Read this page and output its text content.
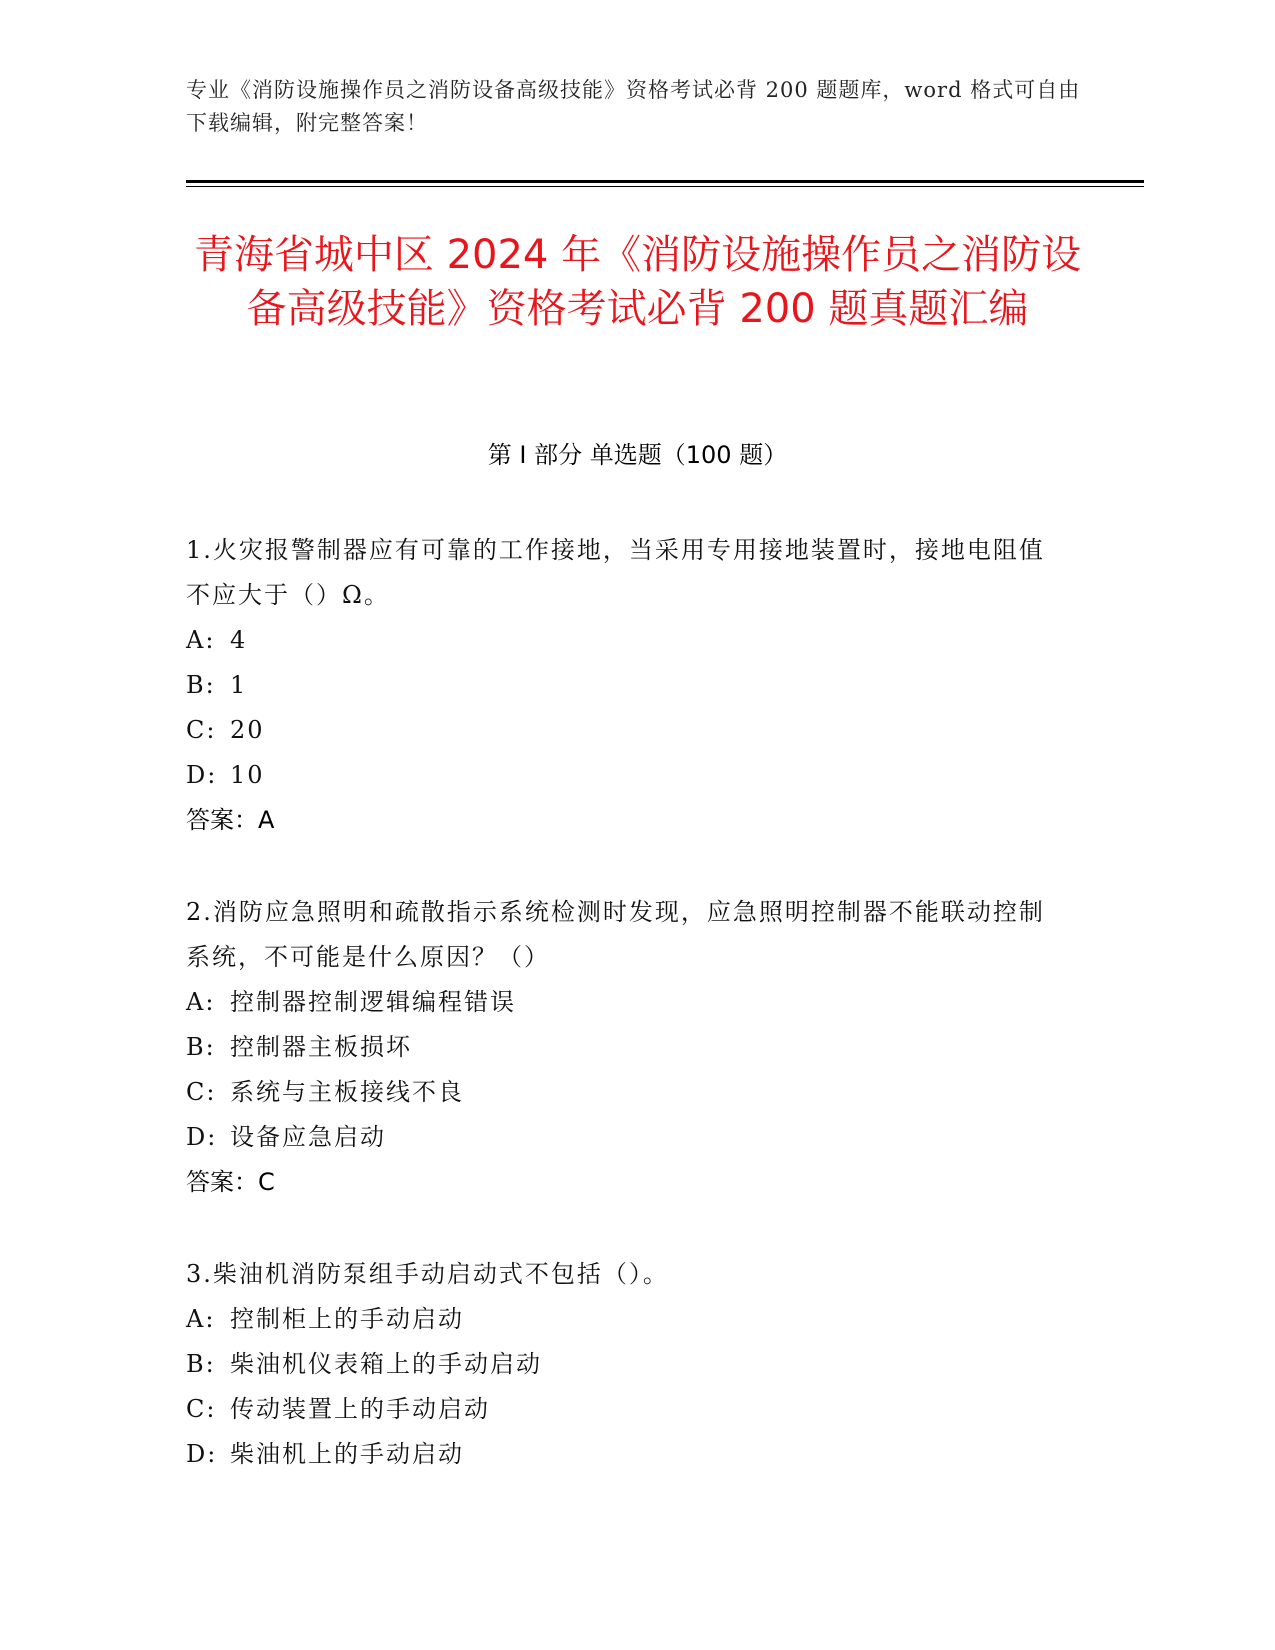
专业《消防设施操作员之消防设备高级技能》资格考试必背 200 题题库，word 格式可自由下载编辑，附完整答案！
青海省城中区 2024 年《消防设施操作员之消防设备高级技能》资格考试必背 200 题真题汇编
第 I 部分 单选题（100 题）

1.火灾报警制器应有可靠的工作接地，当采用专用接地装置时，接地电阻值不应大于（）Ω。

A: 4

B: 1

C: 20

D: 10

答案：A

2.消防应急照明和疏散指示系统检测时发现，应急照明控制器不能联动控制系统，不可能是什么原因？（）

A: 控制器控制逻辑编程错误

B: 控制器主板损坏

C: 系统与主板接线不良

D: 设备应急启动

答案：C

3.柴油机消防泵组手动启动式不包括（）。

A: 控制柜上的手动启动

B: 柴油机仪表箱上的手动启动

C: 传动装置上的手动启动

D: 柴油机上的手动启动
